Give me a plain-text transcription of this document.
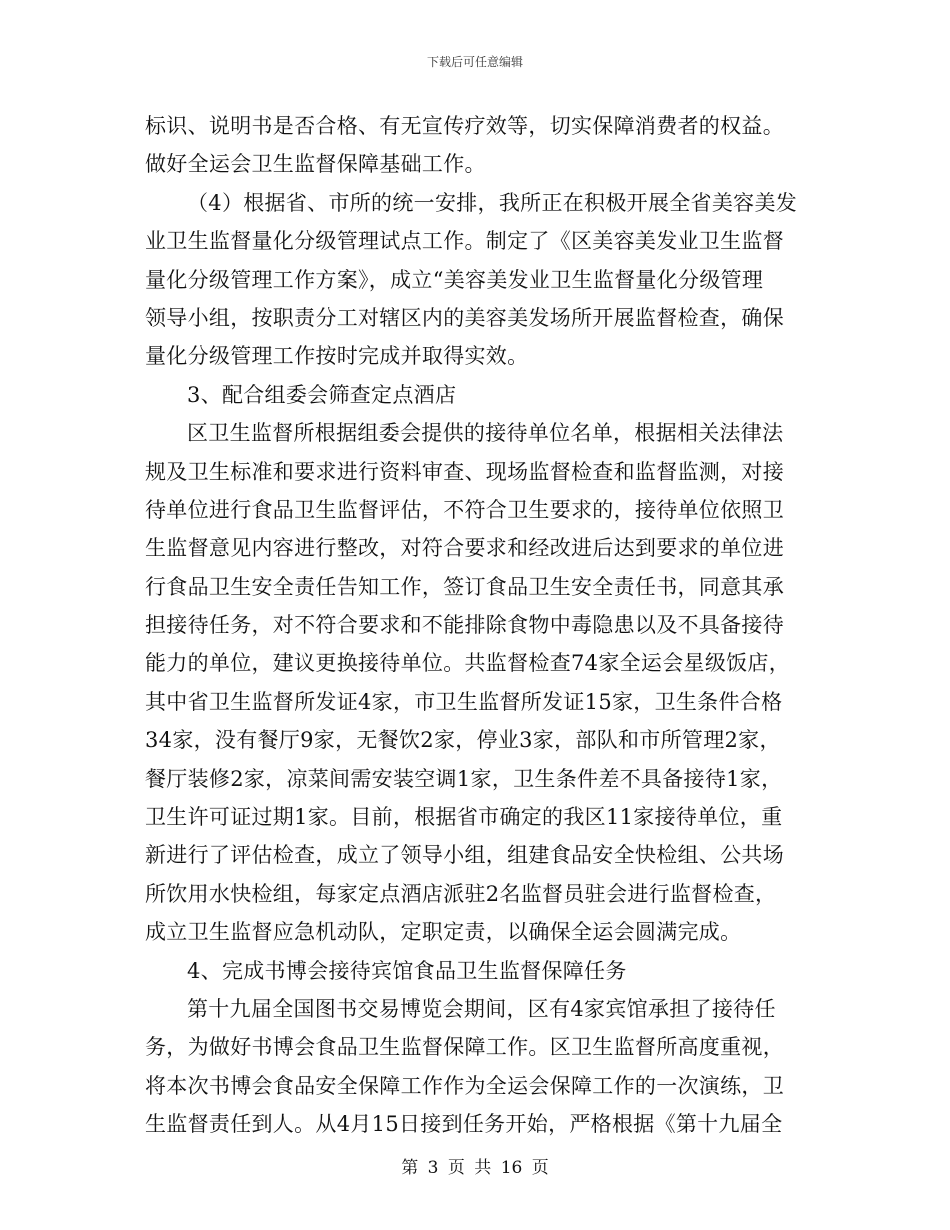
下载后可任意编辑
标识、说明书是否合格、有无宣传疗效等，切实保障消费者的权益。
做好全运会卫生监督保障基础工作。
（4）根据省、市所的统一安排，我所正在积极开展全省美容美发
业卫生监督量化分级管理试点工作。制定了《区美容美发业卫生监督
量化分级管理工作方案》，成立“美容美发业卫生监督量化分级管理
领导小组，按职责分工对辖区内的美容美发场所开展监督检查，确保
量化分级管理工作按时完成并取得实效。
3、配合组委会筛查定点酒店
区卫生监督所根据组委会提供的接待单位名单，根据相关法律法
规及卫生标准和要求进行资料审查、现场监督检查和监督监测，对接
待单位进行食品卫生监督评估，不符合卫生要求的，接待单位依照卫
生监督意见内容进行整改，对符合要求和经改进后达到要求的单位进
行食品卫生安全责任告知工作，签订食品卫生安全责任书，同意其承
担接待任务，对不符合要求和不能排除食物中毒隐患以及不具备接待
能力的单位，建议更换接待单位。共监督检查74家全运会星级饭店，
其中省卫生监督所发证4家，市卫生监督所发证15家，卫生条件合格
34家，没有餐厅9家，无餐饮2家，停业3家，部队和市所管理2家，
餐厅装修2家，凉菜间需安装空调1家，卫生条件差不具备接待1家，
卫生许可证过期1家。目前，根据省市确定的我区11家接待单位，重
新进行了评估检查，成立了领导小组，组建食品安全快检组、公共场
所饮用水快检组，每家定点酒店派驻2名监督员驻会进行监督检查，
成立卫生监督应急机动队，定职定责，以确保全运会圆满完成。
4、完成书博会接待宾馆食品卫生监督保障任务
第十九届全国图书交易博览会期间，区有4家宾馆承担了接待任
务，为做好书博会食品卫生监督保障工作。区卫生监督所高度重视，
将本次书博会食品安全保障工作作为全运会保障工作的一次演练，卫
生监督责任到人。从4月15日接到任务开始，严格根据《第十九届全
第 3 页 共 16 页
